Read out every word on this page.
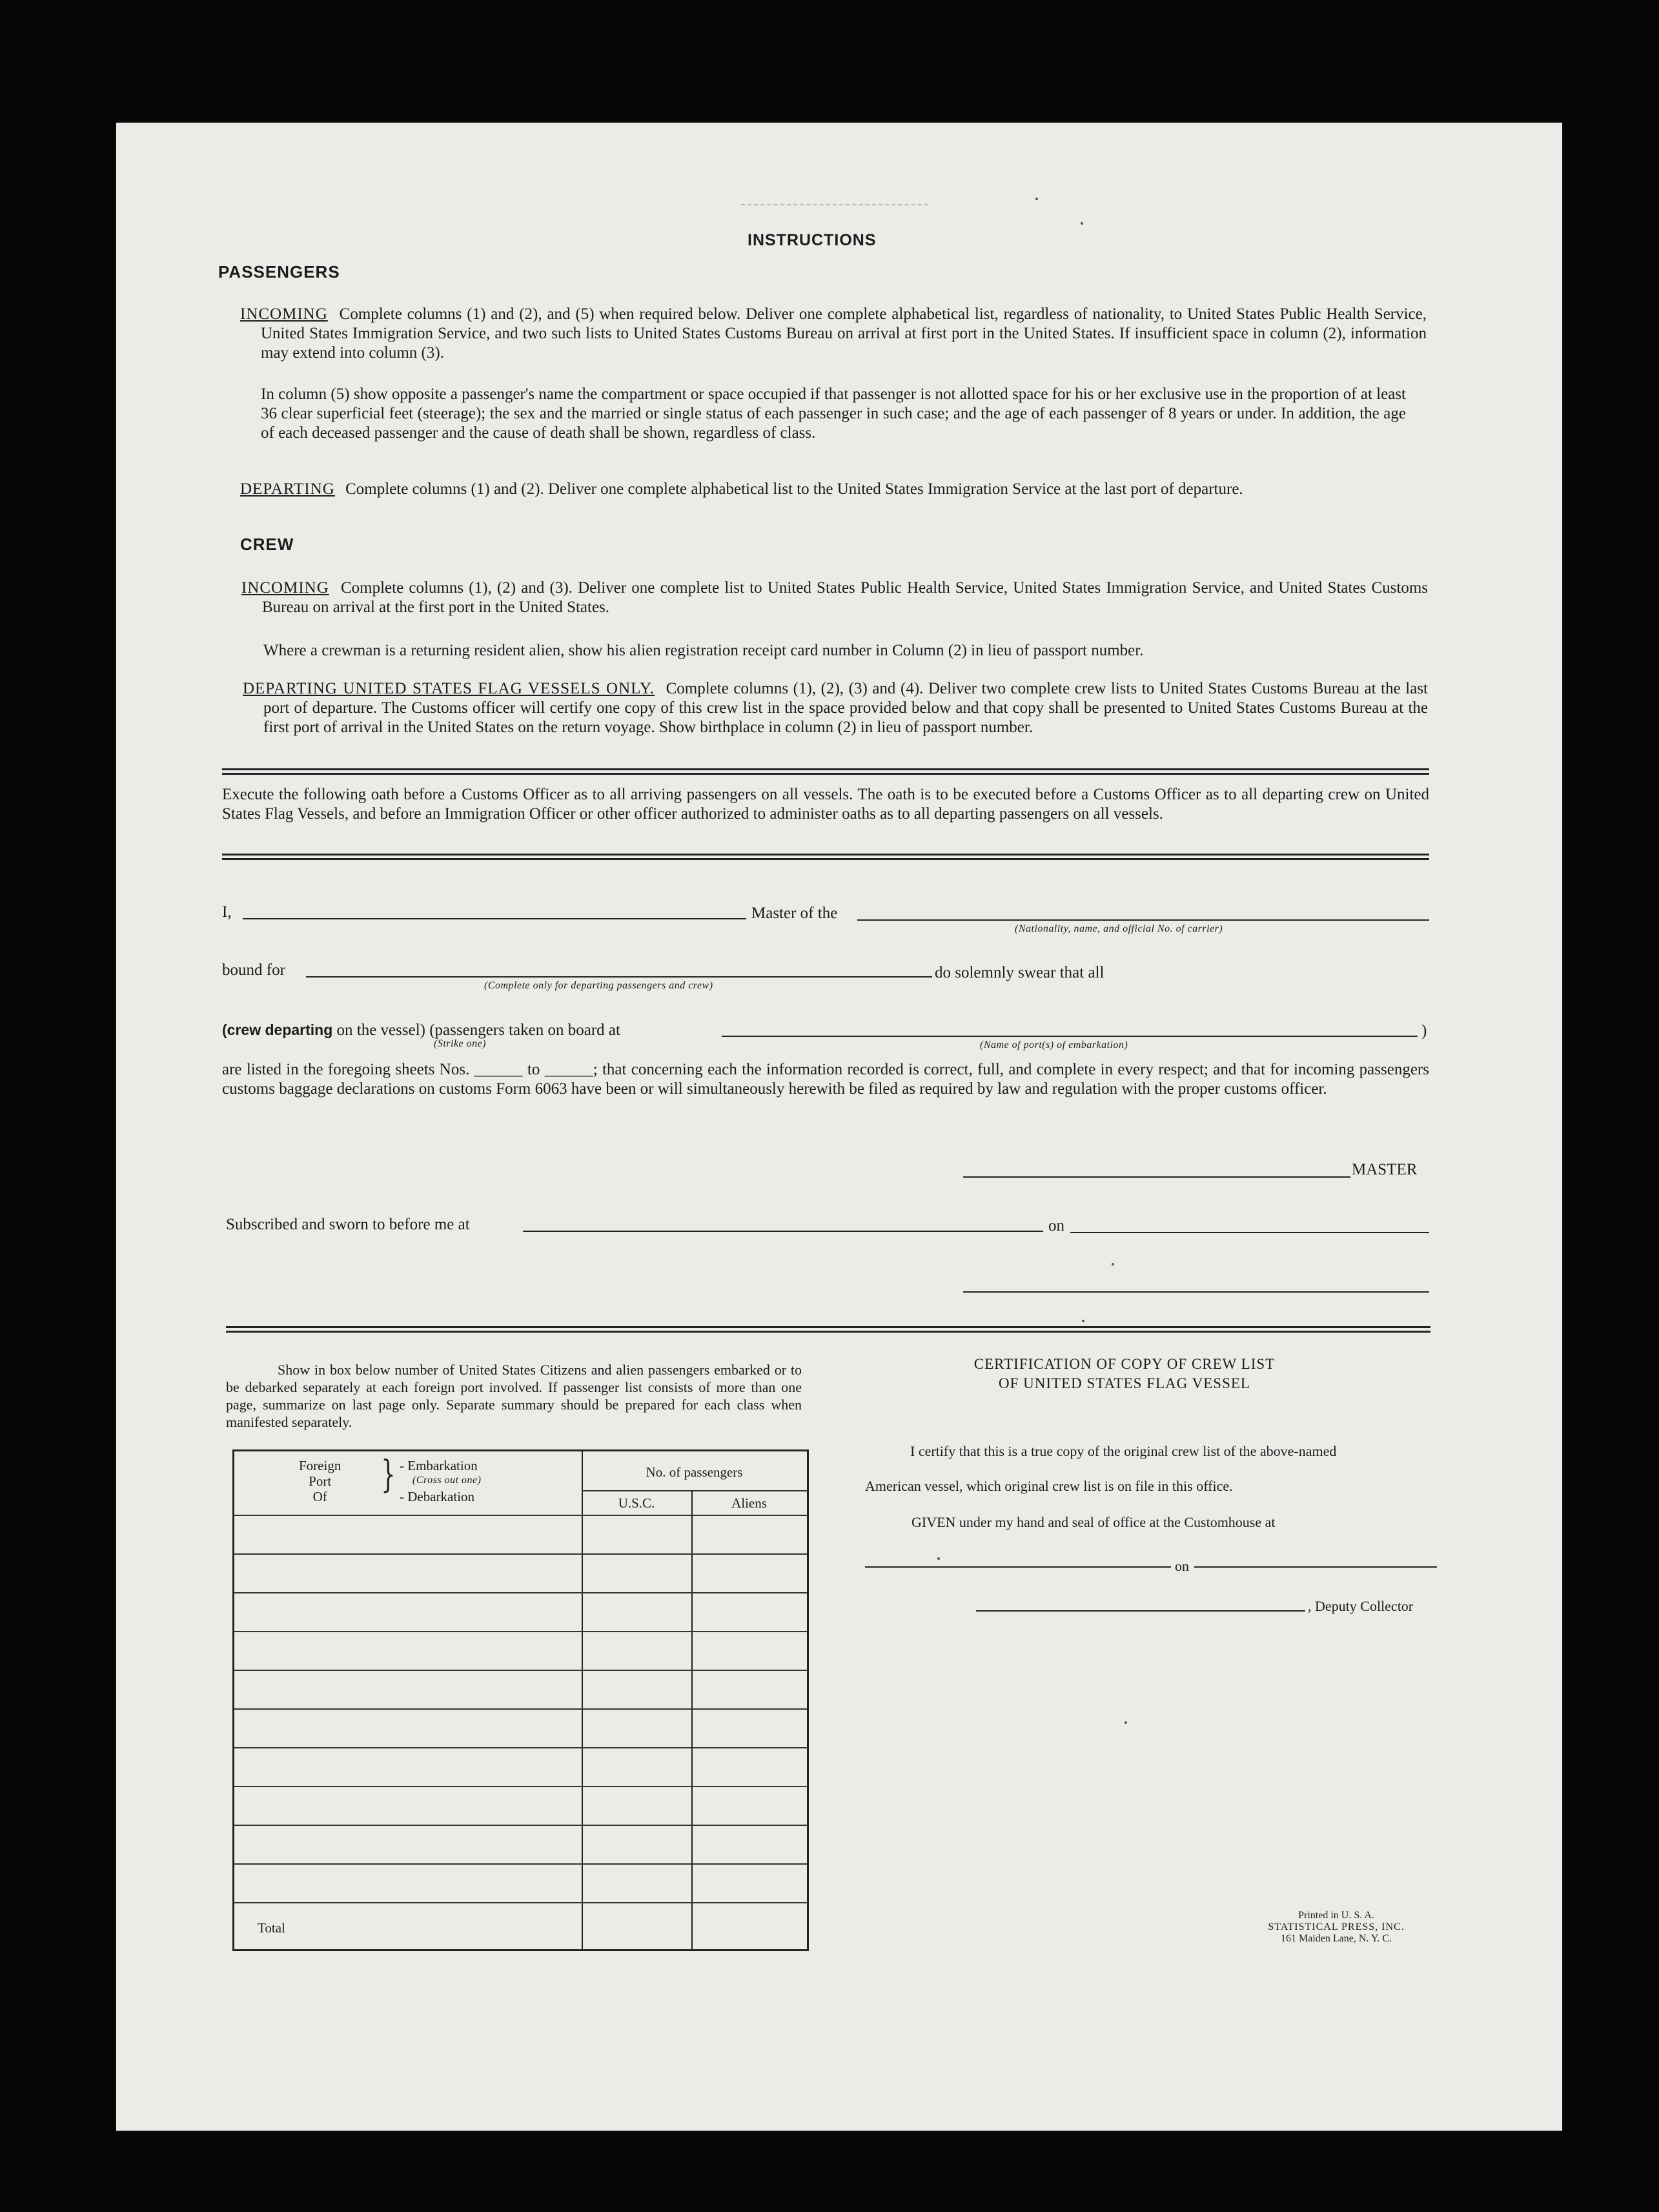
INSTRUCTIONS
PASSENGERS
INCOMING Complete columns (1) and (2), and (5) when required below. Deliver one complete alphabetical list, regardless of nationality, to United States Public Health Service, United States Immigration Service, and two such lists to United States Customs Bureau on arrival at first port in the United States. If insufficient space in column (2), information may extend into column (3).
In column (5) show opposite a passenger's name the compartment or space occupied if that passenger is not allotted space for his or her exclusive use in the proportion of at least 36 clear superficial feet (steerage); the sex and the married or single status of each passenger in such case; and the age of each passenger of 8 years or under. In addition, the age of each deceased passenger and the cause of death shall be shown, regardless of class.
DEPARTING Complete columns (1) and (2). Deliver one complete alphabetical list to the United States Immigration Service at the last port of departure.
CREW
INCOMING Complete columns (1), (2) and (3). Deliver one complete list to United States Public Health Service, United States Immigration Service, and United States Customs Bureau on arrival at the first port in the United States.
Where a crewman is a returning resident alien, show his alien registration receipt card number in Column (2) in lieu of passport number.
DEPARTING UNITED STATES FLAG VESSELS ONLY. Complete columns (1), (2), (3) and (4). Deliver two complete crew lists to United States Customs Bureau at the last port of departure. The Customs officer will certify one copy of this crew list in the space provided below and that copy shall be presented to United States Customs Bureau at the first port of arrival in the United States on the return voyage. Show birthplace in column (2) in lieu of passport number.
Execute the following oath before a Customs Officer as to all arriving passengers on all vessels. The oath is to be executed before a Customs Officer as to all departing crew on United States Flag Vessels, and before an Immigration Officer or other officer authorized to administer oaths as to all departing passengers on all vessels.
I,	Master of the
(Nationality, name, and official No. of carrier)
bound for
(Complete only for departing passengers and crew)
do solemnly swear that all
(crew departing on the vessel) (passengers taken on board at	)
(Strike one)	(Name of port(s) of embarkation)
are listed in the foregoing sheets Nos. ______ to ______; that concerning each the information recorded is correct, full, and complete in every respect; and that for incoming passengers customs baggage declarations on customs Form 6063 have been or will simultaneously herewith be filed as required by law and regulation with the proper customs officer.
MASTER
Subscribed and sworn to before me at	on
Show in box below number of United States Citizens and alien passengers embarked or to be debarked separately at each foreign port involved. If passenger list consists of more than one page, summarize on last page only. Separate summary should be prepared for each class when manifested separately.
Foreign
Port
Of
} - Embarkation
(Cross out one)
- Debarkation
No. of passengers
U.S.C.	Aliens
Total
CERTIFICATION OF COPY OF CREW LIST
OF UNITED STATES FLAG VESSEL
I certify that this is a true copy of the original crew list of the above-named
American vessel, which original crew list is on file in this office.
GIVEN under my hand and seal of office at the Customhouse at
on
, Deputy Collector
Printed in U. S. A.
STATISTICAL PRESS, INC.
161 Maiden Lane, N. Y. C.
